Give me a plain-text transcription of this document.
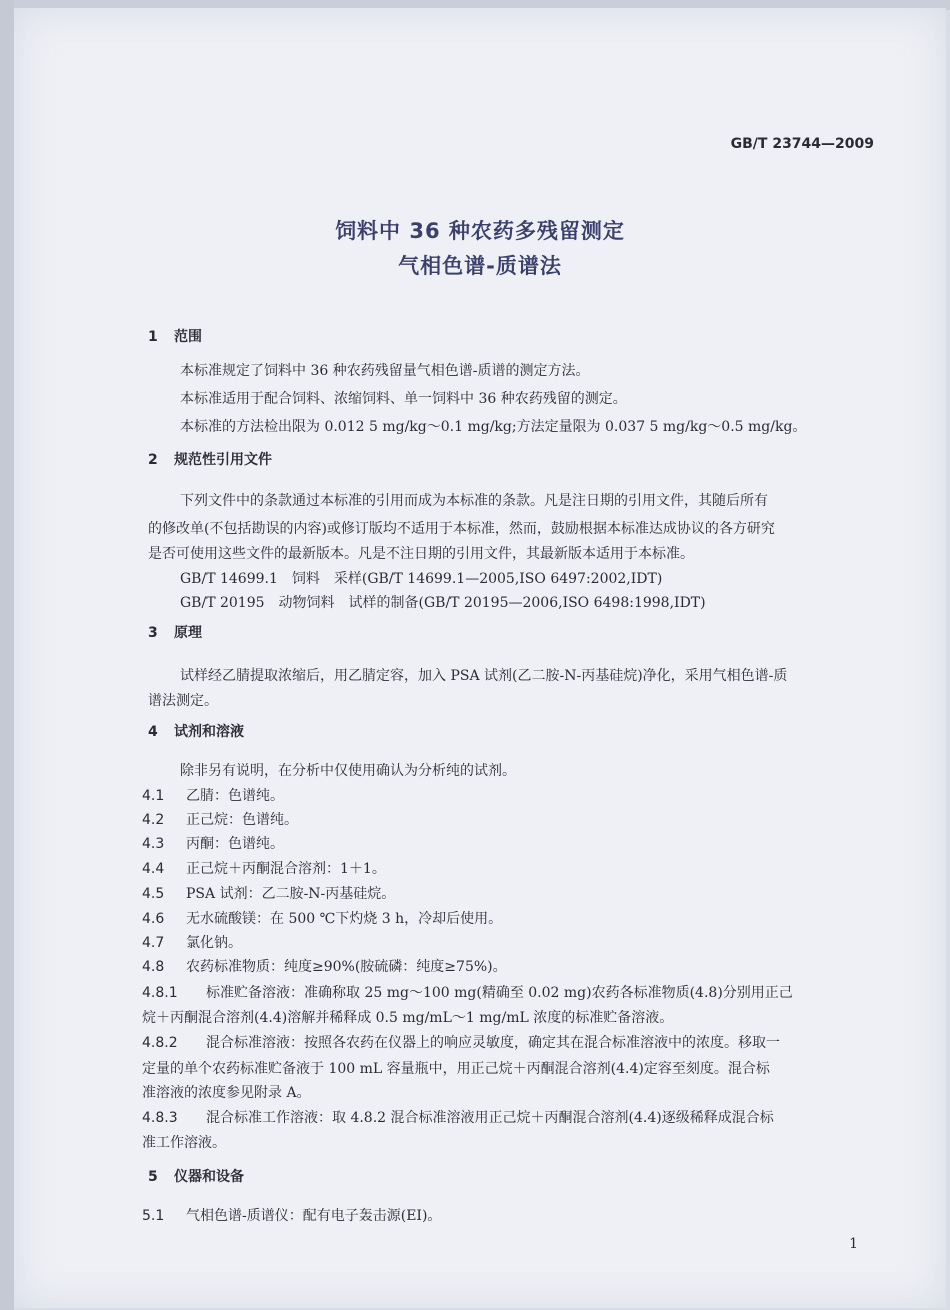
GB/T 23744—2009
饲料中 36 种农药多残留测定
气相色谱-质谱法
1 范围
本标准规定了饲料中 36 种农药残留量气相色谱-质谱的测定方法。
本标准适用于配合饲料、浓缩饲料、单一饲料中 36 种农药残留的测定。
本标准的方法检出限为 0.012 5 mg/kg～0.1 mg/kg;方法定量限为 0.037 5 mg/kg～0.5 mg/kg。
2 规范性引用文件
下列文件中的条款通过本标准的引用而成为本标准的条款。凡是注日期的引用文件，其随后所有
的修改单(不包括勘误的内容)或修订版均不适用于本标准，然而，鼓励根据本标准达成协议的各方研究
是否可使用这些文件的最新版本。凡是不注日期的引用文件，其最新版本适用于本标准。
GB/T 14699.1　饲料　采样(GB/T 14699.1—2005,ISO 6497:2002,IDT)
GB/T 20195　动物饲料　试样的制备(GB/T 20195—2006,ISO 6498:1998,IDT)
3 原理
试样经乙腈提取浓缩后，用乙腈定容，加入 PSA 试剂(乙二胺-N-丙基硅烷)净化，采用气相色谱-质
谱法测定。
4 试剂和溶液
除非另有说明，在分析中仅使用确认为分析纯的试剂。
4.1 乙腈：色谱纯。
4.2 正己烷：色谱纯。
4.3 丙酮：色谱纯。
4.4 正己烷＋丙酮混合溶剂：1＋1。
4.5 PSA 试剂：乙二胺-N-丙基硅烷。
4.6 无水硫酸镁：在 500 ℃下灼烧 3 h，冷却后使用。
4.7 氯化钠。
4.8 农药标准物质：纯度≥90%(胺硫磷：纯度≥75%)。
4.8.1 标准贮备溶液：准确称取 25 mg～100 mg(精确至 0.02 mg)农药各标准物质(4.8)分别用正己
烷＋丙酮混合溶剂(4.4)溶解并稀释成 0.5 mg/mL～1 mg/mL 浓度的标准贮备溶液。
4.8.2 混合标准溶液：按照各农药在仪器上的响应灵敏度，确定其在混合标准溶液中的浓度。移取一
定量的单个农药标准贮备液于 100 mL 容量瓶中，用正己烷＋丙酮混合溶剂(4.4)定容至刻度。混合标
准溶液的浓度参见附录 A。
4.8.3 混合标准工作溶液：取 4.8.2 混合标准溶液用正己烷＋丙酮混合溶剂(4.4)逐级稀释成混合标
准工作溶液。
5 仪器和设备
5.1 气相色谱-质谱仪：配有电子轰击源(EI)。
1
